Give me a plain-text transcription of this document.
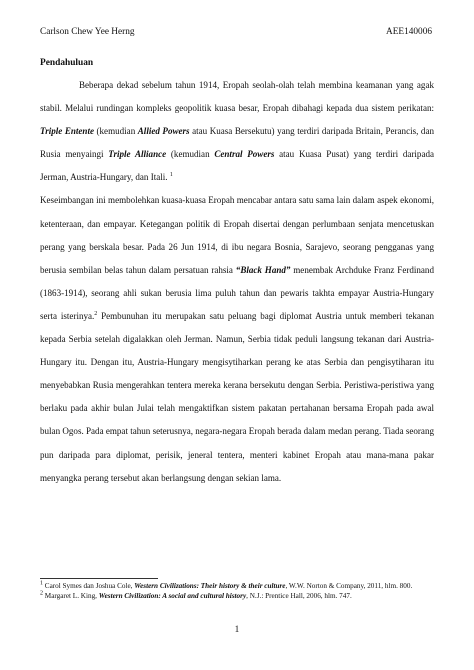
Carlson Chew Yee Herng	AEE140006
Pendahuluan

Beberapa dekad sebelum tahun 1914, Eropah seolah-olah telah membina keamanan yang agak stabil. Melalui rundingan kompleks geopolitik kuasa besar, Eropah dibahagi kepada dua sistem perikatan: Triple Entente (kemudian Allied Powers atau Kuasa Bersekutu) yang terdiri daripada Britain, Perancis, dan Rusia menyaingi Triple Alliance (kemudian Central Powers atau Kuasa Pusat) yang terdiri daripada Jerman, Austria-Hungary, dan Itali. $^1$

Keseimbangan ini membolehkan kuasa-kuasa Eropah mencabar antara satu sama lain dalam aspek ekonomi, ketenteraan, dan empayar. Ketegangan politik di Eropah disertai dengan perlumbaan senjata mencetuskan perang yang berskala besar. Pada 26 Jun 1914, di ibu negara Bosnia, Sarajevo, seorang pengganas yang berusia sembilan belas tahun dalam persatuan rahsia “Black Hand” menembak Archduke Franz Ferdinand (1863-1914), seorang ahli sukan berusia lima puluh tahun dan pewaris takhta empayar Austria-Hungary serta isterinya.$^2$ Pembunuhan itu merupakan satu peluang bagi diplomat Austria untuk memberi tekanan kepada Serbia setelah digalakkan oleh Jerman. Namun, Serbia tidak peduli langsung tekanan dari Austria-Hungary itu. Dengan itu, Austria-Hungary mengisytiharkan perang ke atas Serbia dan pengisytiharan itu menyebabkan Rusia mengerahkan tentera mereka kerana bersekutu dengan Serbia. Peristiwa-peristiwa yang berlaku pada akhir bulan Julai telah mengaktifkan sistem pakatan pertahanan bersama Eropah pada awal bulan Ogos. Pada empat tahun seterusnya, negara-negara Eropah berada dalam medan perang. Tiada seorang pun daripada para diplomat, perisik, jeneral tentera, menteri kabinet Eropah atau mana-mana pakar menyangka perang tersebut akan berlangsung dengan sekian lama.

$^1$ Carol Symes dan Joshua Cole, Western Civilizations: Their history & their culture, W.W. Norton & Company, 2011, hlm. 800.

$^2$ Margaret L. King, Western Civilization: A social and cultural history, N.J.: Prentice Hall, 2006, hlm. 747.

1
